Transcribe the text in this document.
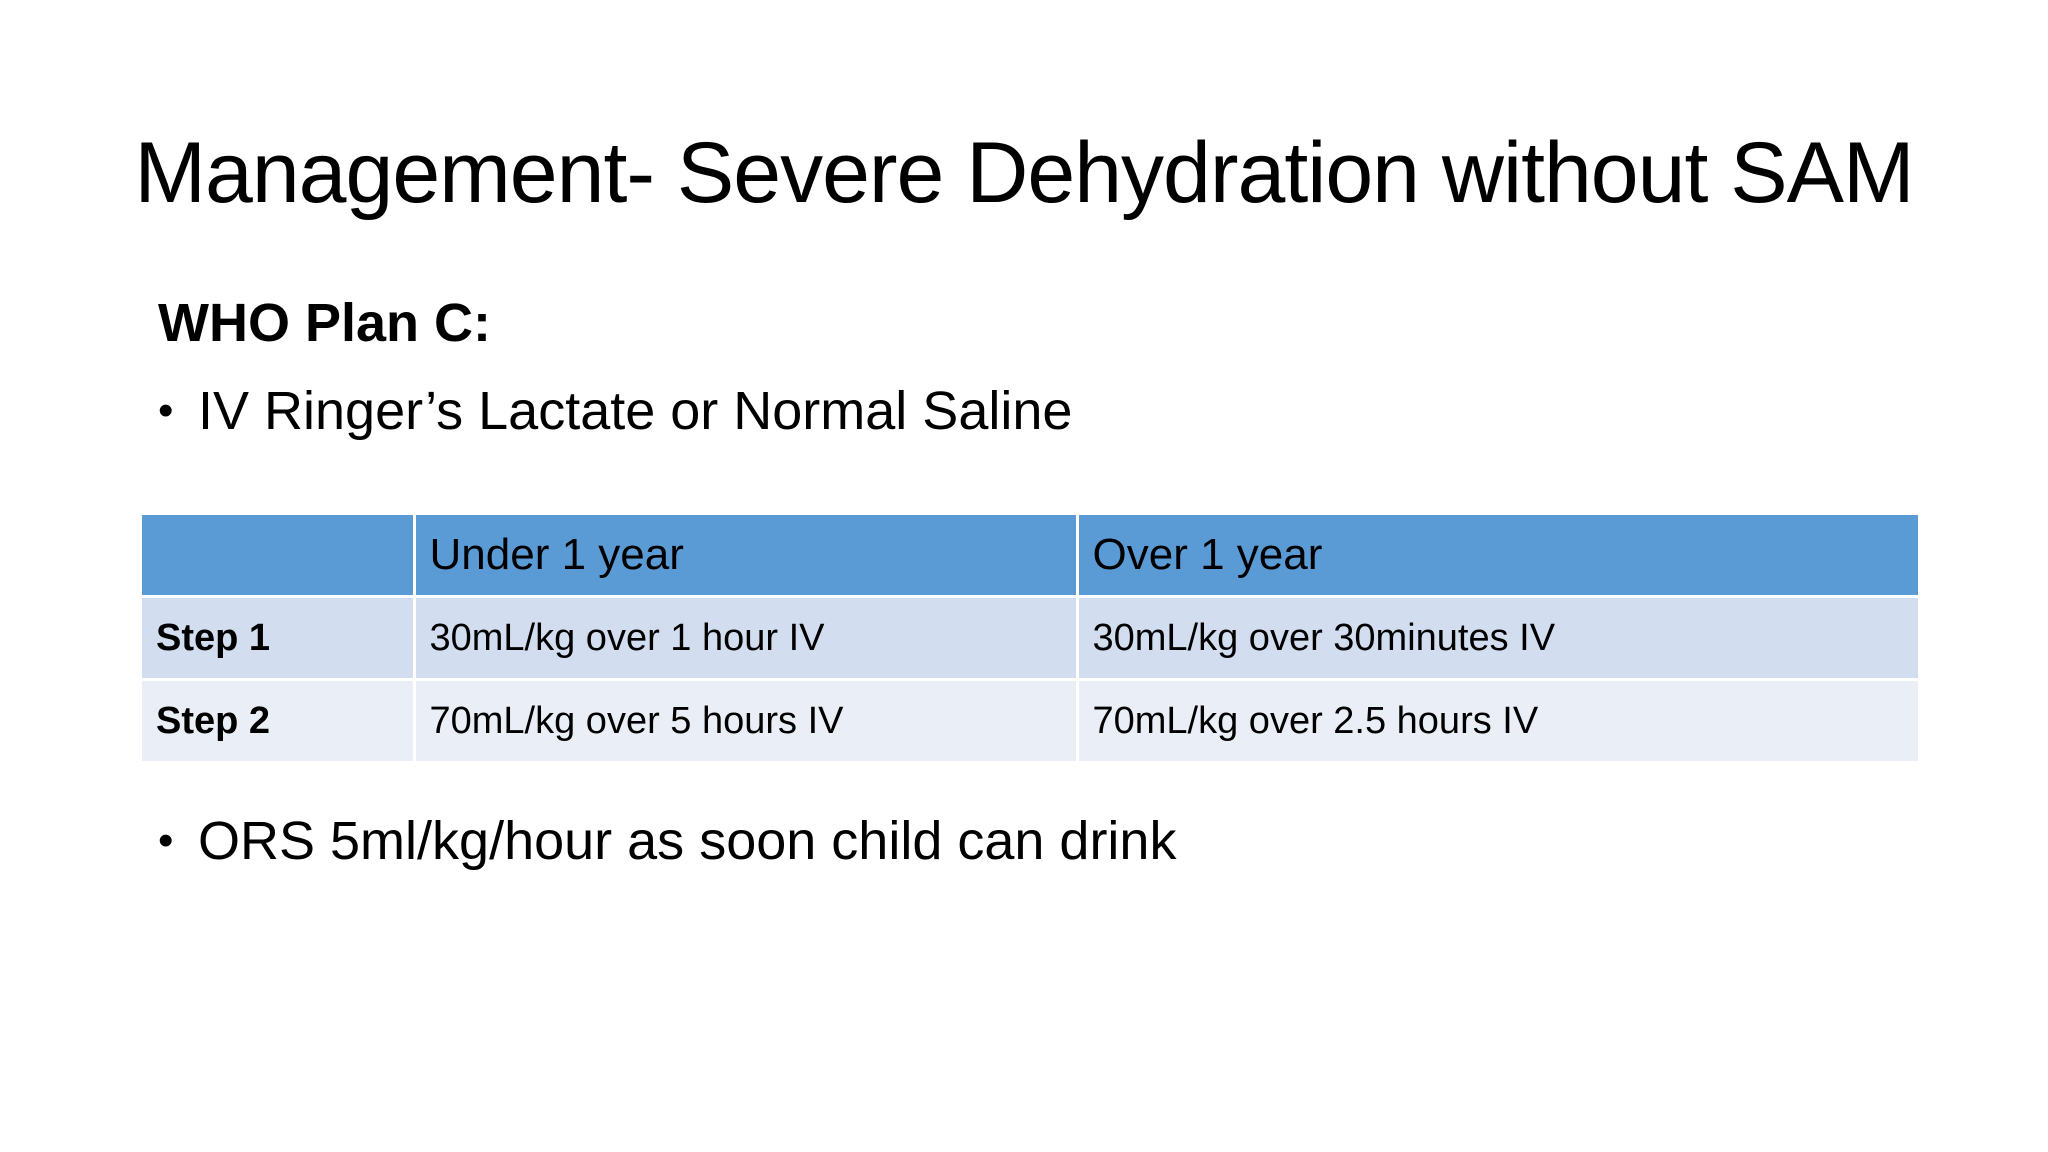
Management- Severe Dehydration without SAM
WHO Plan C:
• IV Ringer’s Lactate or Normal Saline
	Under 1 year	Over 1 year
Step 1	30mL/kg over 1 hour IV	30mL/kg over 30minutes IV
Step 2	70mL/kg over 5 hours IV	70mL/kg over 2.5 hours IV
• ORS 5ml/kg/hour as soon child can drink
